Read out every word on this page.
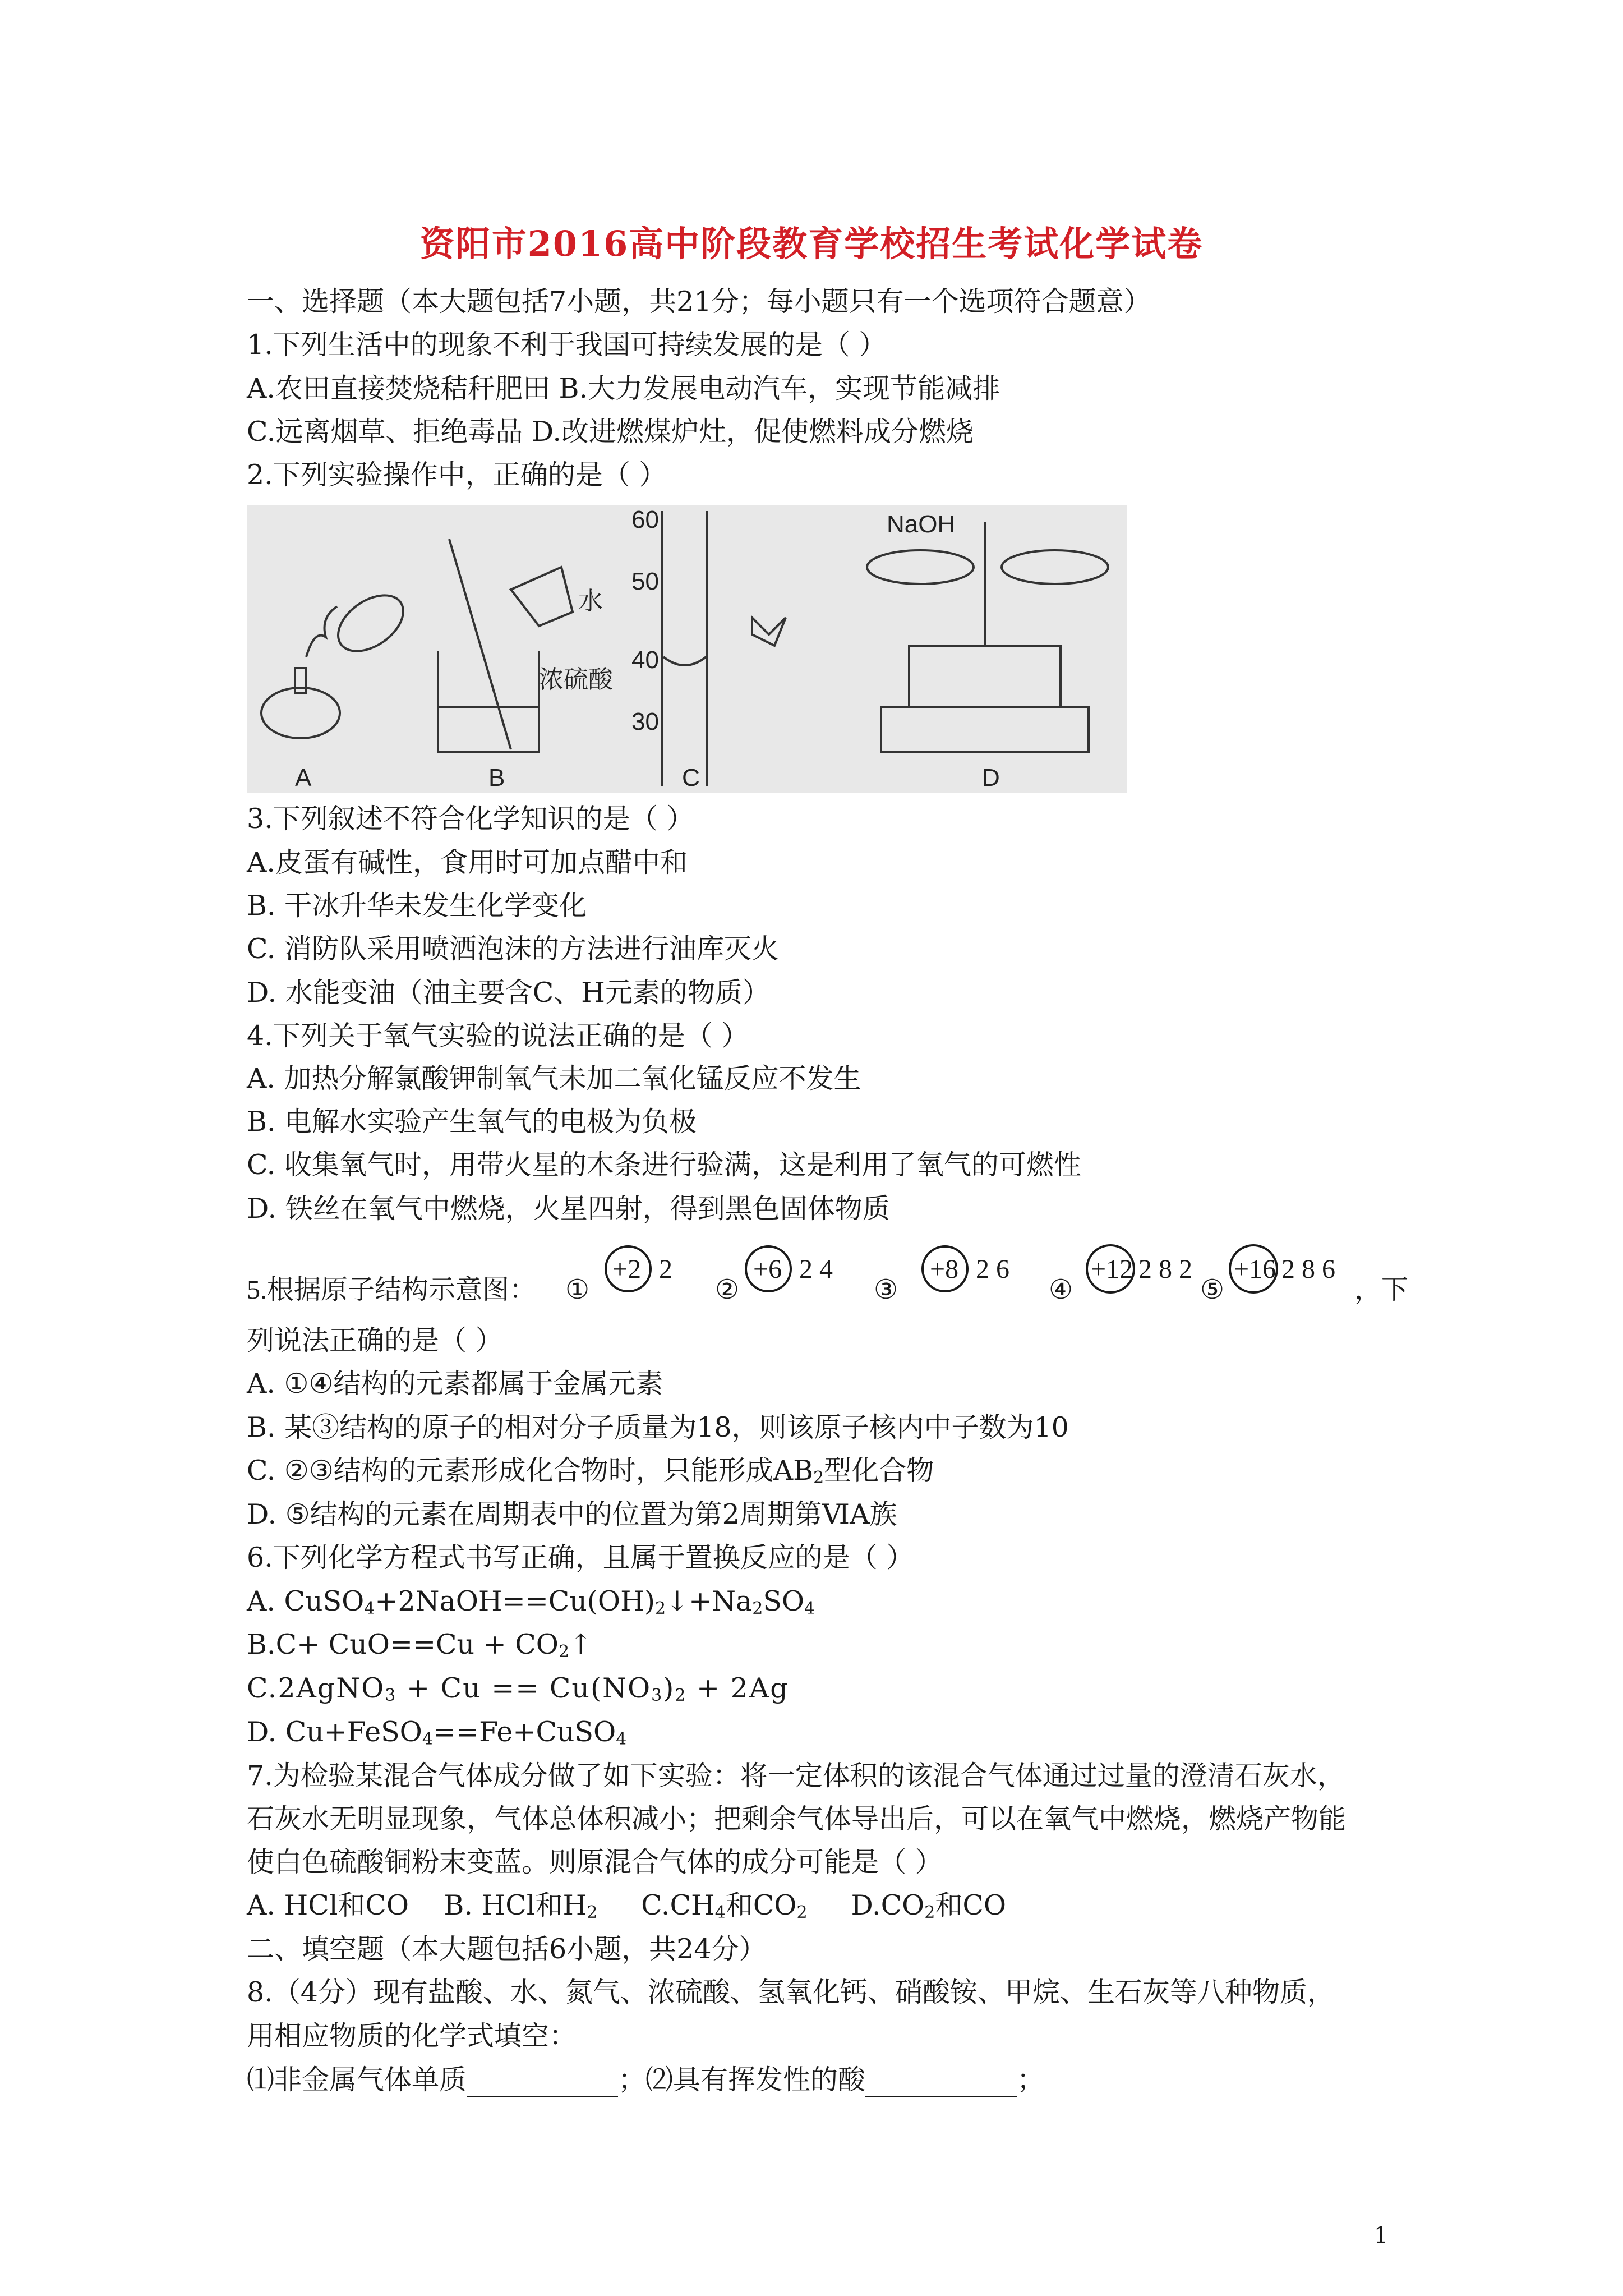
资阳市2016高中阶段教育学校招生考试化学试卷
一、选择题（本大题包括7小题，共21分；每小题只有一个选项符合题意）
1.下列生活中的现象不利于我国可持续发展的是（ ）
A.农田直接焚烧秸秆肥田 B.大力发展电动汽车，实现节能减排
C.远离烟草、拒绝毒品 D.改进燃煤炉灶，促使燃料成分燃烧
2.下列实验操作中，正确的是（ ）
水
浓硫酸
60
50
40
30
NaOH
A	B	C	D
3.下列叙述不符合化学知识的是（ ）
A.皮蛋有碱性，食用时可加点醋中和
B. 干冰升华未发生化学变化
C. 消防队采用喷洒泡沫的方法进行油库灭火
D. 水能变油（油主要含C、H元素的物质）
4.下列关于氧气实验的说法正确的是（ ）
A. 加热分解氯酸钾制氧气未加二氧化锰反应不发生
B. 电解水实验产生氧气的电极为负极
C. 收集氧气时，用带火星的木条进行验满，这是利用了氧气的可燃性
D. 铁丝在氧气中燃烧，火星四射，得到黑色固体物质
5.根据原子结构示意图： ①
+2 2
②
+6 2 4
③
+8 2 6
④
+12 2 8 2
⑤
+16 2 8 6
，下
列说法正确的是（ ）
A. ①④结构的元素都属于金属元素
B. 某③结构的原子的相对分子质量为18，则该原子核内中子数为10
C. ②③结构的元素形成化合物时，只能形成$AB_2$型化合物
D. ⑤结构的元素在周期表中的位置为第2周期第ⅥA族
6.下列化学方程式书写正确，且属于置换反应的是（ ）
A. $CuSO_4+2NaOH==Cu(OH)_2↓+Na_2SO_4$
$B.C+ CuO==Cu + CO_2↑$
C.2AgNO$_3$ + $Cu == Cu(NO_3)_2 + 2Ag$
D. Cu+FeSO$_4$==Fe+CuSO$_4$
7.为检验某混合气体成分做了如下实验：将一定体积的该混合气体通过过量的澄清石灰水，
石灰水无明显现象，气体总体积减小；把剩余气体导出后，可以在氧气中燃烧，燃烧产物能
使白色硫酸铜粉末变蓝。则原混合气体的成分可能是（ ）
A. HCl和CO    B. HCl和$H_2$     $C.CH_4$和$CO_2$     $D.CO_2$和CO
二、填空题（本大题包括6小题，共24分）
8.（4分）现有盐酸、水、氮气、浓硫酸、氢氧化钙、硝酸铵、甲烷、生石灰等八种物质，
用相应物质的化学式填空：
⑴非金属气体单质	；⑵具有挥发性的酸	；
1
